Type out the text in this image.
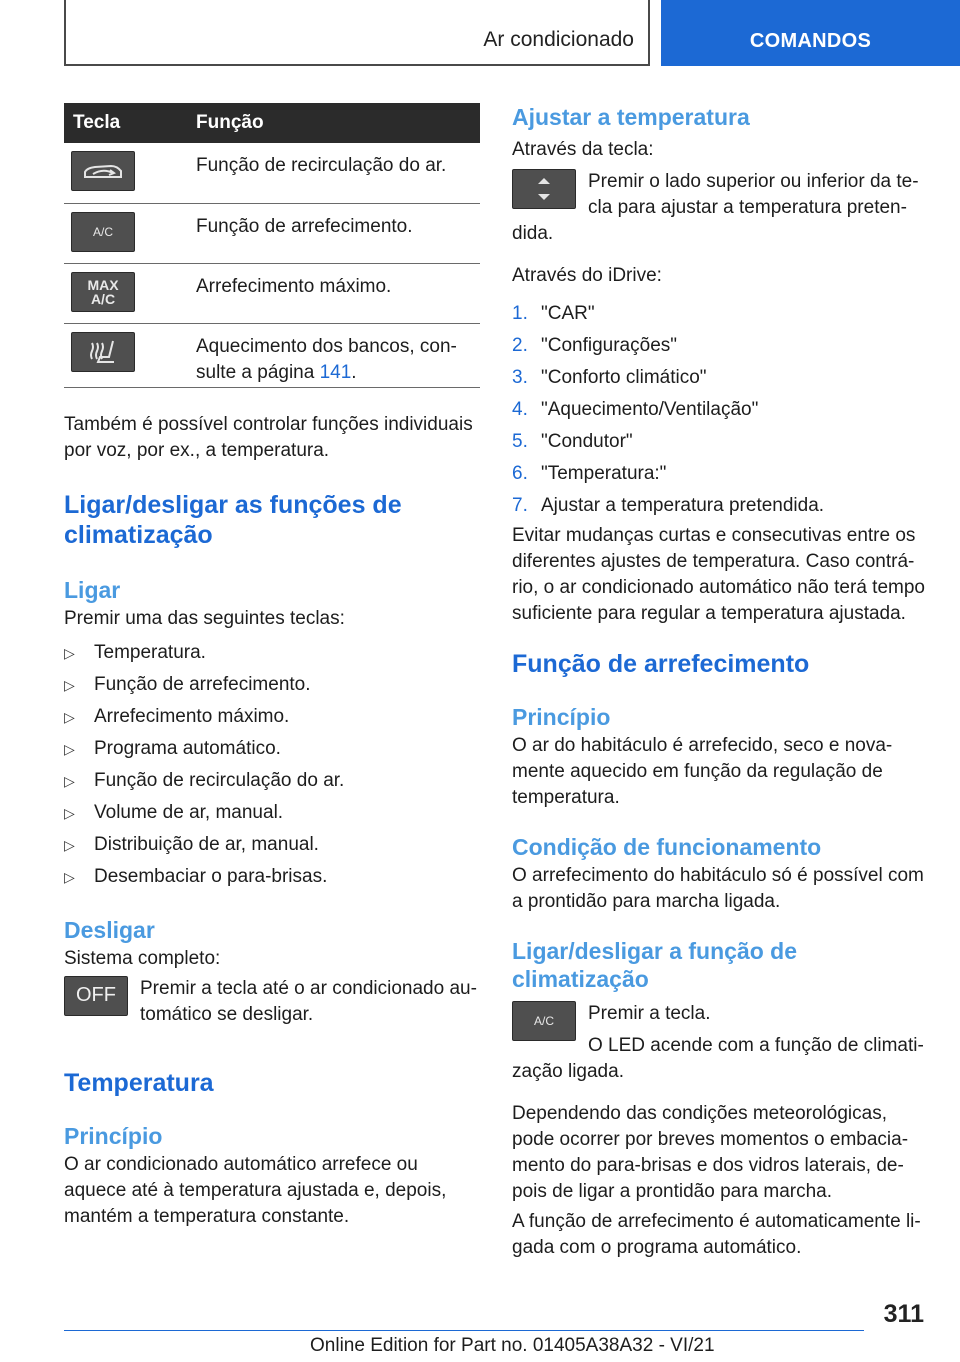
Ar condicionado	COMANDOS
Tecla	Função

	Função de recirculação do ar.

A/C	Função de arrefecimento.

MAX
A/C	Arrefecimento máximo.

	Aquecimento dos bancos, con-sulte a página 141.

Também é possível controlar funções individuais por voz, por ex., a temperatura.

Ligar/desligar as funções de climatização
Ligar

Premir uma das seguintes teclas:

▷ Temperatura.
▷ Função de arrefecimento.
▷ Arrefecimento máximo.
▷ Programa automático.
▷ Função de recirculação do ar.
▷ Volume de ar, manual.
▷ Distribuição de ar, manual.
▷ Desembaciar o para-brisas.
Desligar

Sistema completo:

OFF	Premir a tecla até o ar condicionado au-tomático se desligar.

Temperatura
Princípio

O ar condicionado automático arrefece ou aquece até à temperatura ajustada e, depois, mantém a temperatura constante.

Ajustar a temperatura

Através da tecla:

Premir o lado superior ou inferior da te-cla para ajustar a temperatura preten-dida.

Através do iDrive:

1. "CAR"
2. "Configurações"
3. "Conforto climático"
4. "Aquecimento/Ventilação"
5. "Condutor"
6. "Temperatura:"
7. Ajustar a temperatura pretendida.

Evitar mudanças curtas e consecutivas entre os diferentes ajustes de temperatura. Caso contrá-rio, o ar condicionado automático não terá tempo suficiente para regular a temperatura ajustada.

Função de arrefecimento
Princípio

O ar do habitáculo é arrefecido, seco e nova-mente aquecido em função da regulação de temperatura.

Condição de funcionamento

O arrefecimento do habitáculo só é possível com a prontidão para marcha ligada.

Ligar/desligar a função de climatização
A/C	Premir a tecla.

O LED acende com a função de climati-zação ligada.

Dependendo das condições meteorológicas, pode ocorrer por breves momentos o embacia-mento do para-brisas e dos vidros laterais, de-pois de ligar a prontidão para marcha.

A função de arrefecimento é automaticamente li-gada com o programa automático.

311
Online Edition for Part no. 01405A38A32 - VI/21
